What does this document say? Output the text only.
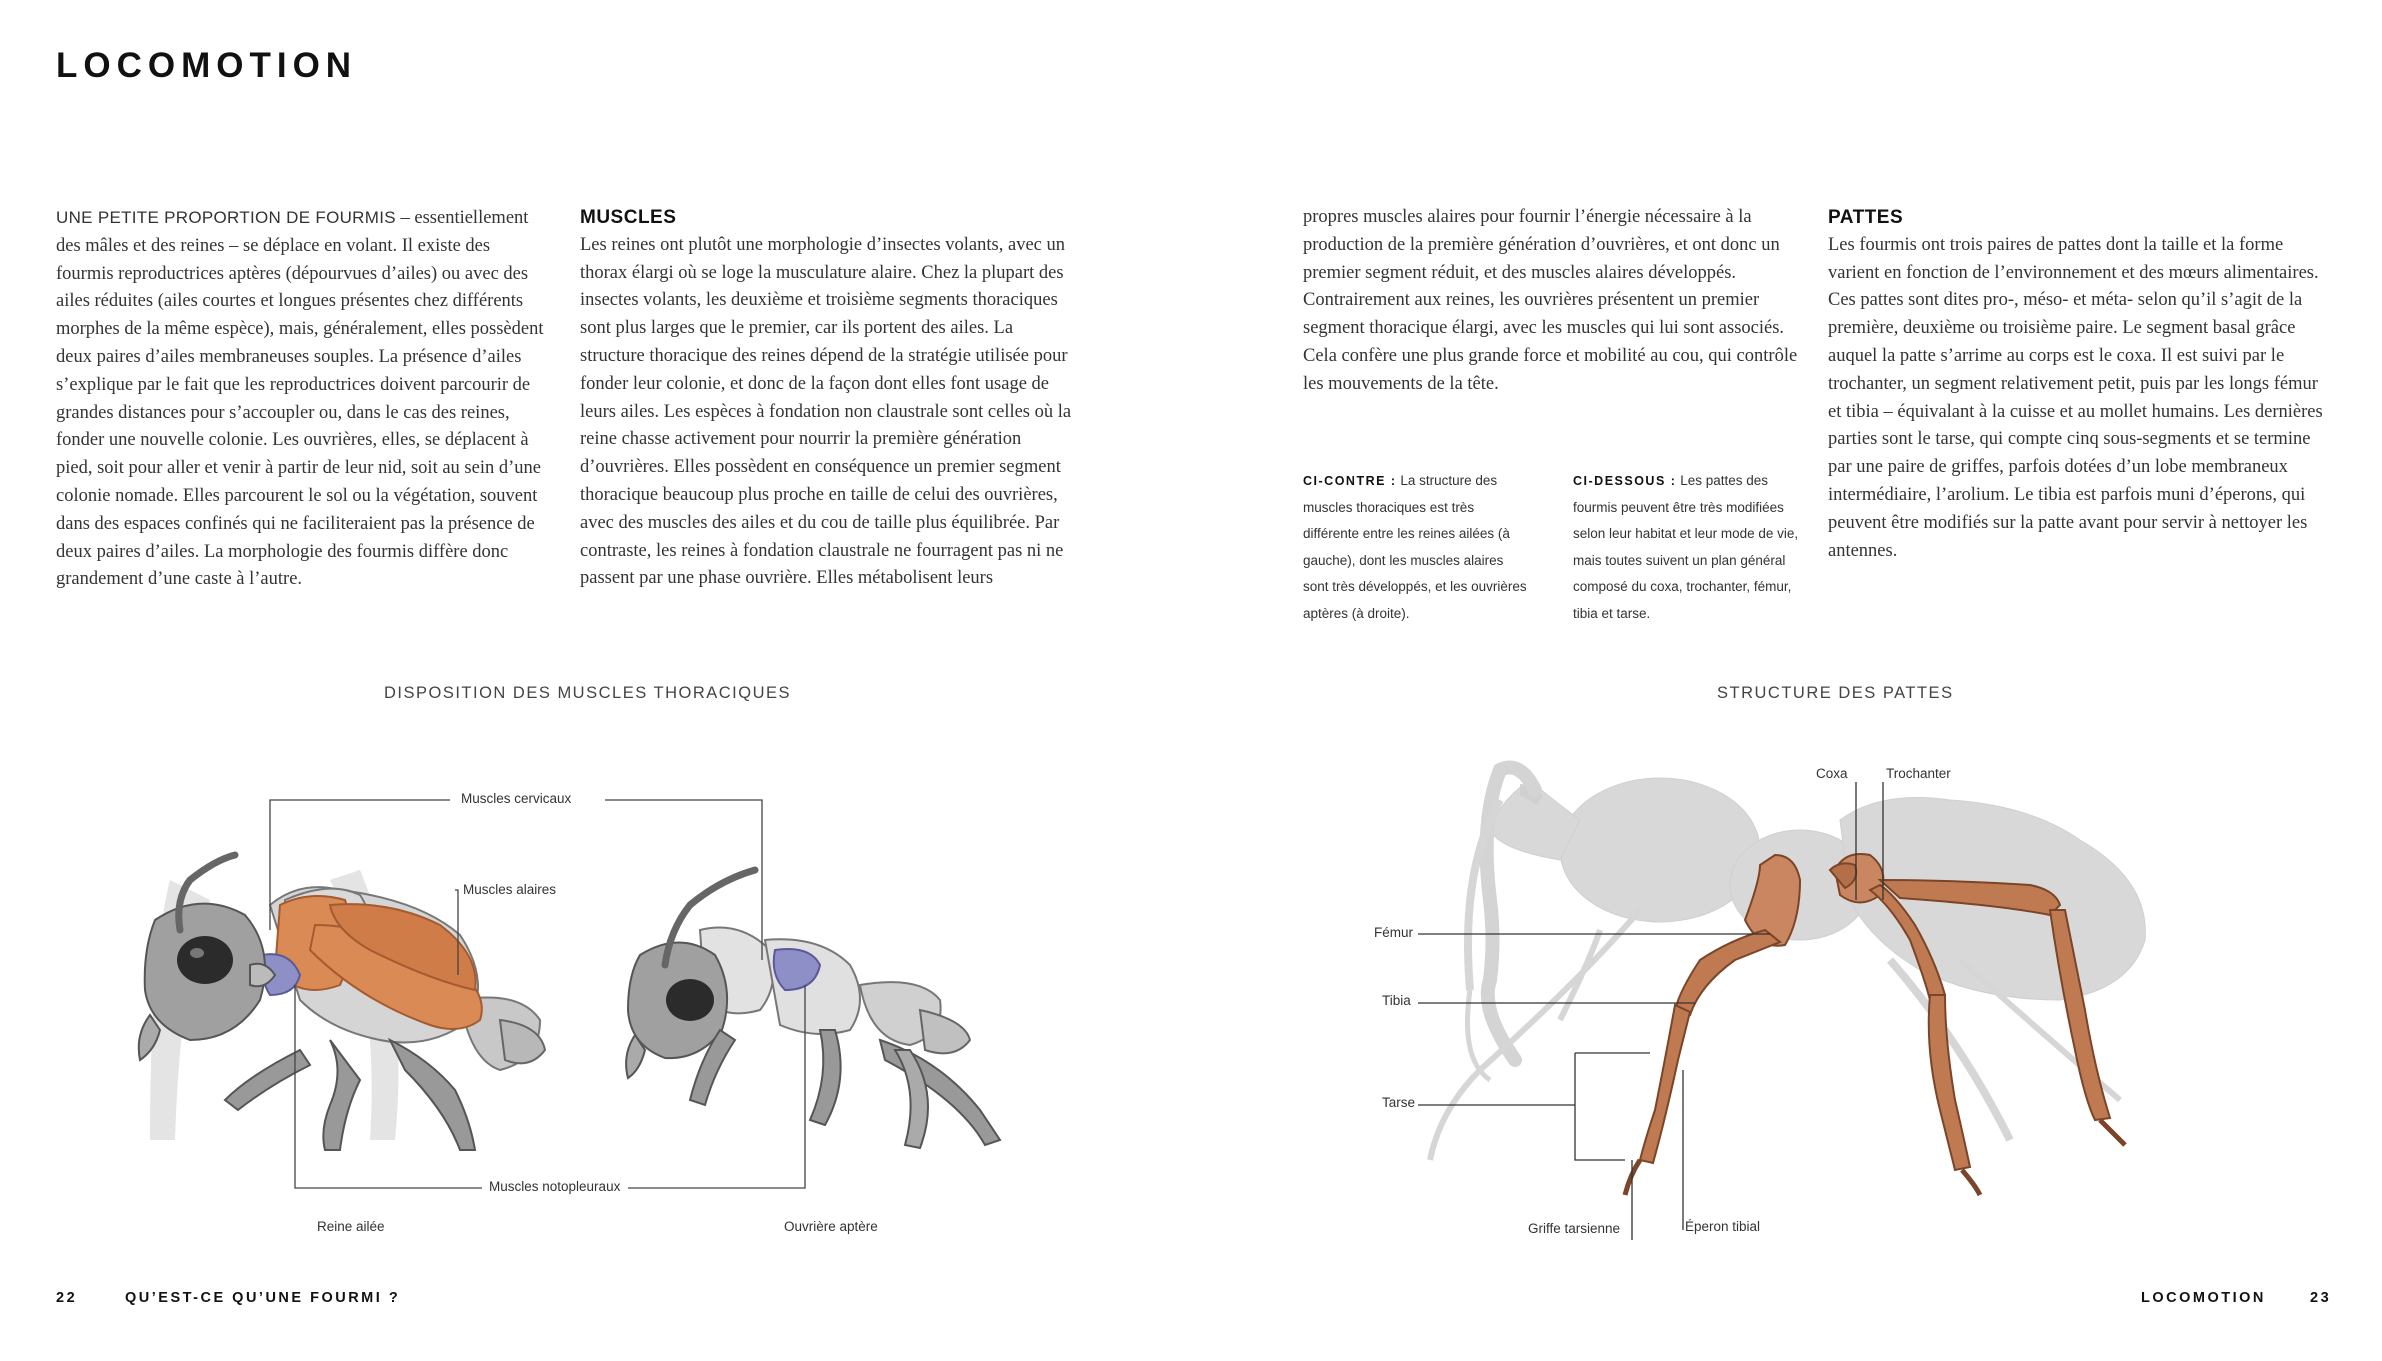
LOCOMOTION

UNE PETITE PROPORTION DE FOURMIS – essentiellement des mâles et des reines – se déplace en volant. Il existe des fourmis reproductrices aptères (dépourvues d’ailes) ou avec des ailes réduites (ailes courtes et longues présentes chez différents morphes de la même espèce), mais, généralement, elles possèdent deux paires d’ailes membraneuses souples. La présence d’ailes s’explique par le fait que les reproductrices doivent parcourir de grandes distances pour s’accoupler ou, dans le cas des reines, fonder une nouvelle colonie. Les ouvrières, elles, se déplacent à pied, soit pour aller et venir à partir de leur nid, soit au sein d’une colonie nomade. Elles parcourent le sol ou la végétation, souvent dans des espaces confinés qui ne faciliteraient pas la présence de deux paires d’ailes. La morphologie des fourmis diffère donc grandement d’une caste à l’autre.

MUSCLES

Les reines ont plutôt une morphologie d’insectes volants, avec un thorax élargi où se loge la musculature alaire. Chez la plupart des insectes volants, les deuxième et troisième segments thoraciques sont plus larges que le premier, car ils portent des ailes. La structure thoracique des reines dépend de la stratégie utilisée pour fonder leur colonie, et donc de la façon dont elles font usage de leurs ailes. Les espèces à fondation non claustrale sont celles où la reine chasse activement pour nourrir la première génération d’ouvrières. Elles possèdent en conséquence un premier segment thoracique beaucoup plus proche en taille de celui des ouvrières, avec des muscles des ailes et du cou de taille plus équilibrée. Par contraste, les reines à fondation claustrale ne fourragent pas ni ne passent par une phase ouvrière. Elles métabolisent leurs

propres muscles alaires pour fournir l’énergie nécessaire à la production de la première génération d’ouvrières, et ont donc un premier segment réduit, et des muscles alaires développés. Contrairement aux reines, les ouvrières présentent un premier segment thoracique élargi, avec les muscles qui lui sont associés. Cela confère une plus grande force et mobilité au cou, qui contrôle les mouvements de la tête.

PATTES

Les fourmis ont trois paires de pattes dont la taille et la forme varient en fonction de l’environnement et des mœurs alimentaires. Ces pattes sont dites pro-, méso- et méta- selon qu’il s’agit de la première, deuxième ou troisième paire. Le segment basal grâce auquel la patte s’arrime au corps est le coxa. Il est suivi par le trochanter, un segment relativement petit, puis par les longs fémur et tibia – équivalant à la cuisse et au mollet humains. Les dernières parties sont le tarse, qui compte cinq sous-segments et se termine par une paire de griffes, parfois dotées d’un lobe membraneux intermédiaire, l’arolium. Le tibia est parfois muni d’éperons, qui peuvent être modifiés sur la patte avant pour servir à nettoyer les antennes.

CI-CONTRE : La structure des muscles thoraciques est très différente entre les reines ailées (à gauche), dont les muscles alaires sont très développés, et les ouvrières aptères (à droite).
CI-DESSOUS : Les pattes des fourmis peuvent être très modifiées selon leur habitat et leur mode de vie, mais toutes suivent un plan général composé du coxa, trochanter, fémur, tibia et tarse.
DISPOSITION DES MUSCLES THORACIQUES	STRUCTURE DES PATTES
Muscles cervicaux
Muscles alaires
Muscles notopleuraux
Reine ailée	Ouvrière aptère
Coxa	Trochanter
Fémur
Tibia
Tarse
Griffe tarsienne	Éperon tibial
22	QU’EST-CE QU’UNE FOURMI ?	LOCOMOTION	23
